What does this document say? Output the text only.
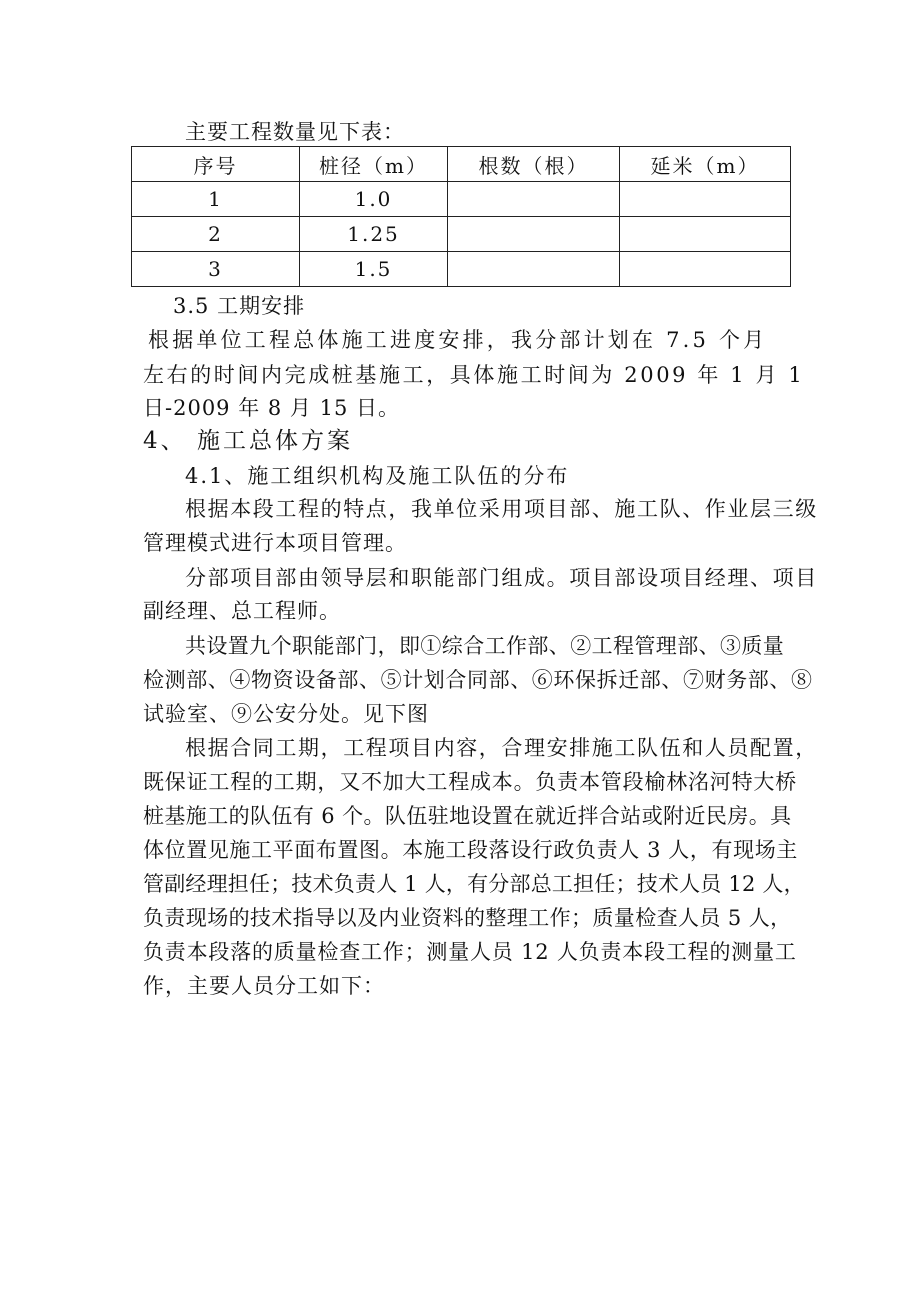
主要工程数量见下表：
序号	桩径（m）	根数（根）	延米（m）
1	1.0		
2	1.25		
3	1.5		
3.5 工期安排
根据单位工程总体施工进度安排，我分部计划在 7.5 个月
左右的时间内完成桩基施工，具体施工时间为 2009 年 1 月 1
日-2009 年 8 月 15 日。
4、 施工总体方案
4.1、施工组织机构及施工队伍的分布
根据本段工程的特点，我单位采用项目部、施工队、作业层三级
管理模式进行本项目管理。
分部项目部由领导层和职能部门组成。项目部设项目经理、项目
副经理、总工程师。
共设置九个职能部门，即①综合工作部、②工程管理部、③质量
检测部、④物资设备部、⑤计划合同部、⑥环保拆迁部、⑦财务部、⑧
试验室、⑨公安分处。见下图
根据合同工期，工程项目内容，合理安排施工队伍和人员配置，
既保证工程的工期，又不加大工程成本。负责本管段榆林洺河特大桥
桩基施工的队伍有 6 个。队伍驻地设置在就近拌合站或附近民房。具
体位置见施工平面布置图。本施工段落设行政负责人 3 人，有现场主
管副经理担任；技术负责人 1 人，有分部总工担任；技术人员 12 人，
负责现场的技术指导以及内业资料的整理工作；质量检查人员 5 人，
负责本段落的质量检查工作；测量人员 12 人负责本段工程的测量工
作，主要人员分工如下：
